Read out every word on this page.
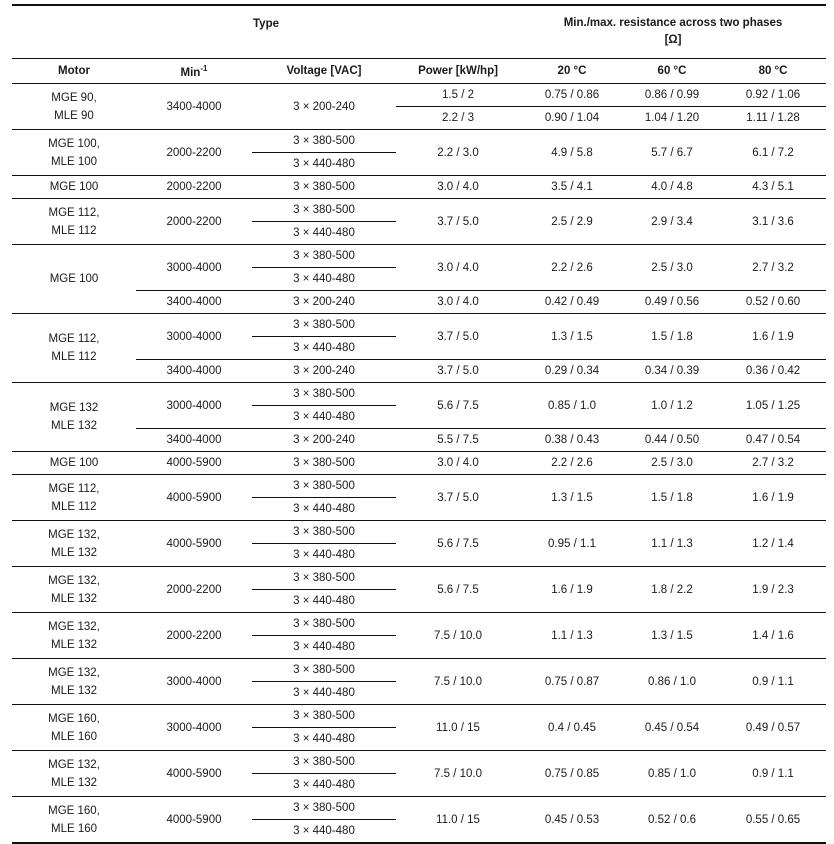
Type				Min./max. resistance across two phases
[Ω]		
Motor	Min$^{-1}$	Voltage [VAC]	Power [kW/hp]	20 °C	60 °C	80 °C

MGE 90,
MLE 90	3400-4000	3 × 200-240	1.5 / 2	0.75 / 0.86	0.86 / 0.99	0.92 / 1.06
			2.2 / 3	0.90 / 1.04	1.04 / 1.20	1.11 / 1.28

MGE 100,
MLE 100	2000-2200	3 × 380-500	2.2 / 3.0	4.9 / 5.8	5.7 / 6.7	6.1 / 7.2
		3 × 440-480				
MGE 100	2000-2200	3 × 380-500	3.0 / 4.0	3.5 / 4.1	4.0 / 4.8	4.3 / 5.1

MGE 112,
MLE 112	2000-2200	3 × 380-500	3.7 / 5.0	2.5 / 2.9	2.9 / 3.4	3.1 / 3.6
		3 × 440-480				
MGE 100	3000-4000	3 × 380-500	3.0 / 4.0	2.2 / 2.6	2.5 / 3.0	2.7 / 3.2
		3 × 440-480				
	3400-4000	3 × 200-240	3.0 / 4.0	0.42 / 0.49	0.49 / 0.56	0.52 / 0.60

MGE 112,
MLE 112	3000-4000	3 × 380-500	3.7 / 5.0	1.3 / 1.5	1.5 / 1.8	1.6 / 1.9
		3 × 440-480				
	3400-4000	3 × 200-240	3.7 / 5.0	0.29 / 0.34	0.34 / 0.39	0.36 / 0.42

MGE 132
MLE 132	3000-4000	3 × 380-500	5.6 / 7.5	0.85 / 1.0	1.0 / 1.2	1.05 / 1.25
		3 × 440-480				
	3400-4000	3 × 200-240	5.5 / 7.5	0.38 / 0.43	0.44 / 0.50	0.47 / 0.54
MGE 100	4000-5900	3 × 380-500	3.0 / 4.0	2.2 / 2.6	2.5 / 3.0	2.7 / 3.2

MGE 112,
MLE 112	4000-5900	3 × 380-500	3.7 / 5.0	1.3 / 1.5	1.5 / 1.8	1.6 / 1.9
		3 × 440-480				

MGE 132,
MLE 132	4000-5900	3 × 380-500	5.6 / 7.5	0.95 / 1.1	1.1 / 1.3	1.2 / 1.4
		3 × 440-480				

MGE 132,
MLE 132	2000-2200	3 × 380-500	5.6 / 7.5	1.6 / 1.9	1.8 / 2.2	1.9 / 2.3
		3 × 440-480				

MGE 132,
MLE 132	2000-2200	3 × 380-500	7.5 / 10.0	1.1 / 1.3	1.3 / 1.5	1.4 / 1.6
		3 × 440-480				

MGE 132,
MLE 132	3000-4000	3 × 380-500	7.5 / 10.0	0.75 / 0.87	0.86 / 1.0	0.9 / 1.1
		3 × 440-480				

MGE 160,
MLE 160	3000-4000	3 × 380-500	11.0 / 15	0.4 / 0.45	0.45 / 0.54	0.49 / 0.57
		3 × 440-480				

MGE 132,
MLE 132	4000-5900	3 × 380-500	7.5 / 10.0	0.75 / 0.85	0.85 / 1.0	0.9 / 1.1
		3 × 440-480				

MGE 160,
MLE 160	4000-5900	3 × 380-500	11.0 / 15	0.45 / 0.53	0.52 / 0.6	0.55 / 0.65
		3 × 440-480				
